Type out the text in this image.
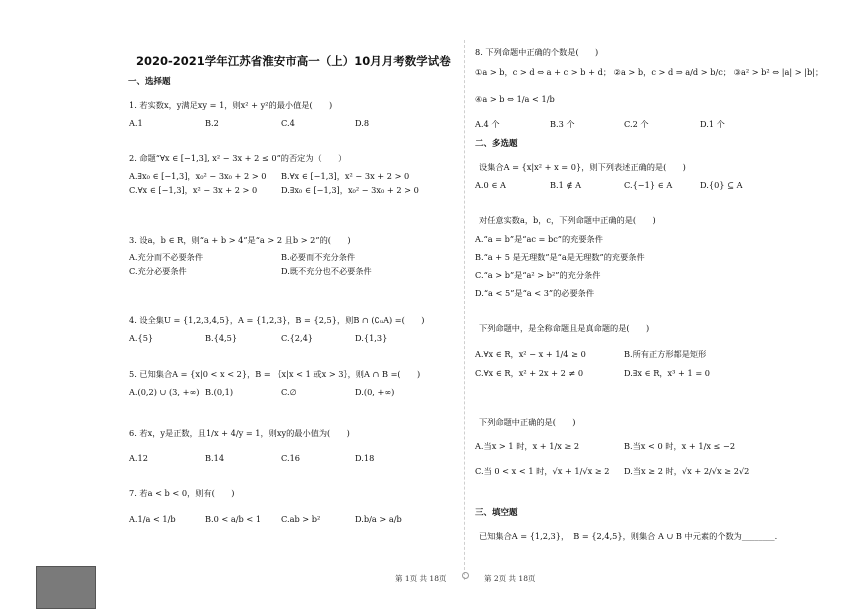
2020-2021学年江苏省淮安市高一（上）10月月考数学试卷
一、选择题
1. 若实数x，y满足xy = 1，则x² + y²的最小值是(　　)
A.1	B.2	C.4	D.8
2. 命题“∀x ∈ [−1,3], x² − 3x + 2 ≤ 0”的否定为（　　）
A.∃x₀ ∈ [−1,3]，x₀² − 3x₀ + 2 > 0 B.∀x ∈ [−1,3]，x² − 3x + 2 > 0
C.∀x ∈ [−1,3]，x² − 3x + 2 > 0	D.∃x₀ ∈ [−1,3]，x₀² − 3x₀ + 2 > 0
3. 设a，b ∈ R，则“a + b > 4”是“a > 2 且b > 2”的(　　)
A.充分而不必要条件	B.必要而不充分条件
C.充分必要条件	D.既不充分也不必要条件
4. 设全集U = {1,2,3,4,5}，A = {1,2,3}，B = {2,5}，则B ∩ (∁ᵤA) =(　　)
A.{5}	B.{4,5}	C.{2,4}	D.{1,3}
5. 已知集合A = {x|0 < x < 2}，B = ｛x|x < 1 或x > 3｝，则A ∩ B =(　　)
A.(0,2) ∪ (3, +∞) B.(0,1)	C.∅	D.(0, +∞)
6. 若x，y是正数，且1/x + 4/y = 1，则xy的最小值为(　　)
A.12	B.14	C.16	D.18
7. 若a < b < 0，则有(　　)
A.1/a < 1/b	B.0 < a/b < 1 C.ab > b²	D.b/a > a/b
8. 下列命题中正确的个数是(　　)
①a > b，c > d ⇔ a + c > b + d； ②a > b，c > d ⇒ a/d > b/c； ③a² > b² ⇔ |a| > |b|；
④a > b ⇔ 1/a < 1/b
A.4 个	B.3 个	C.2 个	D.1 个
二、多选题
设集合A = {x|x² + x = 0}，则下列表述正确的是(　　)
A.0 ∈ A	B.1 ∉ A	C.{−1} ∈ A	D.{0} ⊆ A
对任意实数a，b，c，下列命题中正确的是(　　)
A.“a = b”是“ac = bc”的充要条件
B.“a + 5 是无理数”是“a是无理数”的充要条件
C.“a > b”是“a² > b²”的充分条件
D.“a < 5”是“a < 3”的必要条件
下列命题中，是全称命题且是真命题的是(　　)
A.∀x ∈ R，x² − x + 1/4 ≥ 0	B.所有正方形都是矩形
C.∀x ∈ R，x² + 2x + 2 ≠ 0	D.∃x ∈ R，x³ + 1 = 0
下列命题中正确的是(　　)
A.当x > 1 时，x + 1/x ≥ 2	B.当x < 0 时，x + 1/x ≤ −2
C.当 0 < x < 1 时，√x + 1/√x ≥ 2 D.当x ≥ 2 时，√x + 2/√x ≥ 2√2
三、填空题
已知集合A = {1,2,3}，　B = {2,4,5}，则集合 A ∪ B 中元素的个数为________.
第 1页 共 18页	第 2页 共 18页
